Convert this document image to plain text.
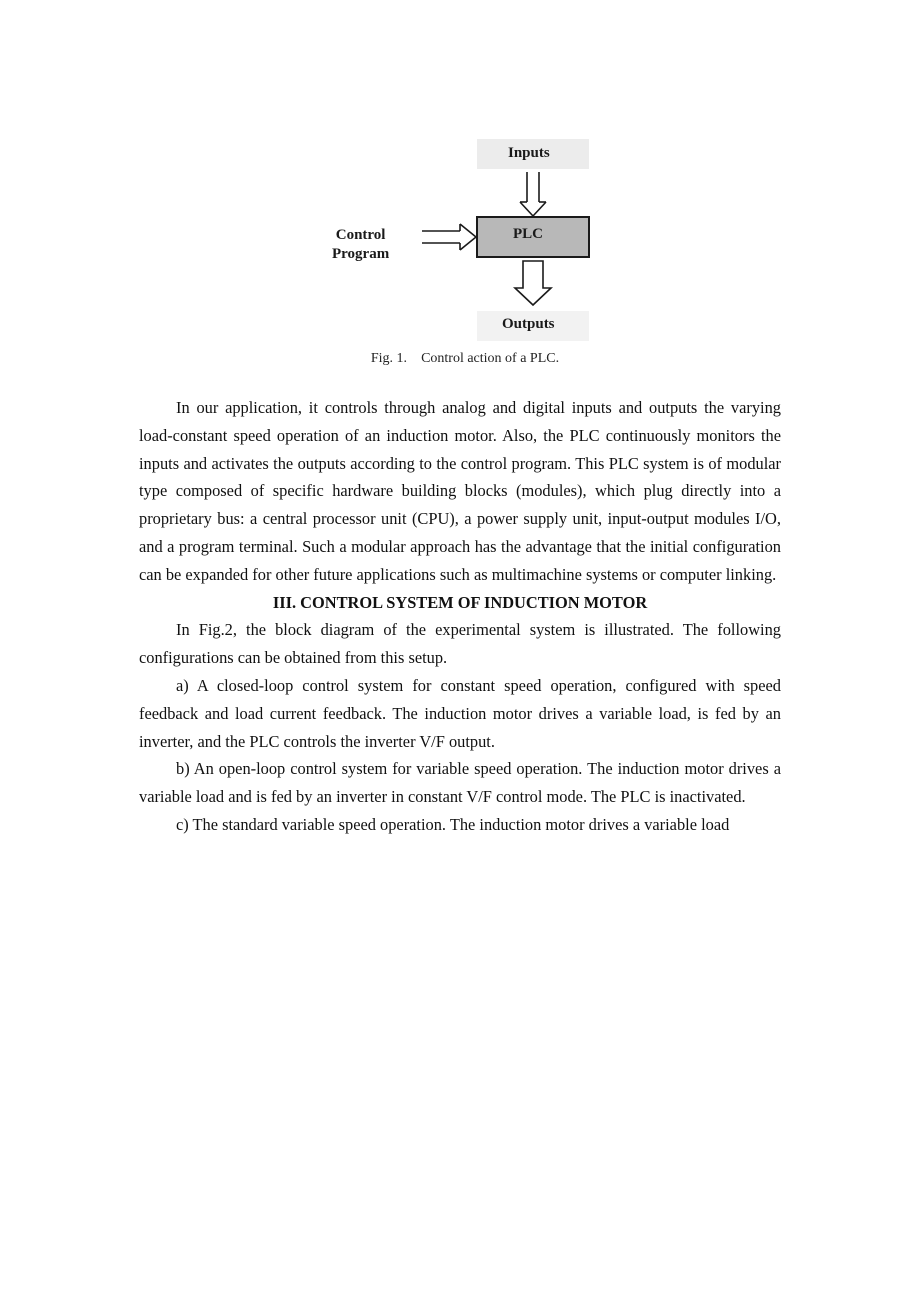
Inputs
PLC
Outputs
Control
Program
Fig. 1. Control action of a PLC.

In our application, it controls through analog and digital inputs and outputs the varying load-constant speed operation of an induction motor. Also, the PLC continuously monitors the inputs and activates the outputs according to the control program. This PLC system is of modular type composed of specific hardware building blocks (modules), which plug directly into a proprietary bus: a central processor unit (CPU), a power supply unit, input-output modules I/O, and a program terminal. Such a modular approach has the advantage that the initial configuration can be expanded for other future applications such as multimachine systems or computer linking.

III. CONTROL SYSTEM OF INDUCTION MOTOR

In Fig.2, the block diagram of the experimental system is illustrated. The following configurations can be obtained from this setup.

a) A closed-loop control system for constant speed operation, configured with speed feedback and load current feedback. The induction motor drives a variable load, is fed by an inverter, and the PLC controls the inverter V/F output.

b) An open-loop control system for variable speed operation. The induction motor drives a variable load and is fed by an inverter in constant V/F control mode. The PLC is inactivated.

c) The standard variable speed operation. The induction motor drives a variable load
